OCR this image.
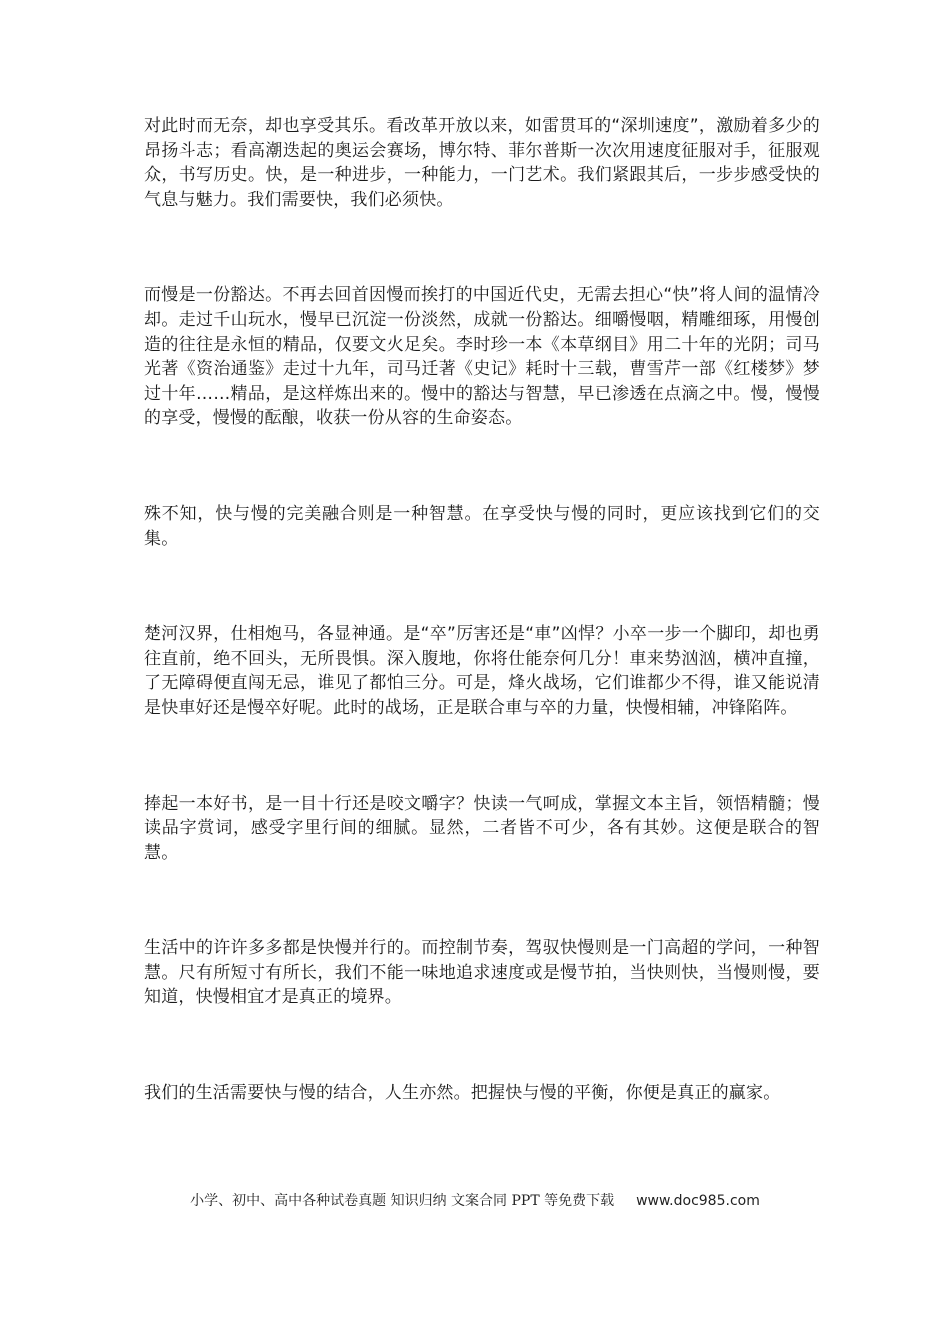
对此时而无奈，却也享受其乐。看改革开放以来，如雷贯耳的“深圳速度”，激励着多少的昂扬斗志；看高潮迭起的奥运会赛场，博尔特、菲尔普斯一次次用速度征服对手，征服观众，书写历史。快，是一种进步，一种能力，一门艺术。我们紧跟其后，一步步感受快的气息与魅力。我们需要快，我们必须快。

而慢是一份豁达。不再去回首因慢而挨打的中国近代史，无需去担心“快”将人间的温情冷却。走过千山玩水，慢早已沉淀一份淡然，成就一份豁达。细嚼慢咽，精雕细琢，用慢创造的往往是永恒的精品，仅要文火足矣。李时珍一本《本草纲目》用二十年的光阴；司马光著《资治通鉴》走过十九年，司马迁著《史记》耗时十三载，曹雪芹一部《红楼梦》梦过十年……精品，是这样炼出来的。慢中的豁达与智慧，早已渗透在点滴之中。慢，慢慢的享受，慢慢的酝酿，收获一份从容的生命姿态。

殊不知，快与慢的完美融合则是一种智慧。在享受快与慢的同时，更应该找到它们的交集。

楚河汉界，仕相炮马，各显神通。是“卒”厉害还是“車”凶悍？小卒一步一个脚印，却也勇往直前，绝不回头，无所畏惧。深入腹地，你将仕能奈何几分！車来势汹汹，横冲直撞，了无障碍便直闯无忌，谁见了都怕三分。可是，烽火战场，它们谁都少不得，谁又能说清是快車好还是慢卒好呢。此时的战场，正是联合車与卒的力量，快慢相辅，冲锋陷阵。

捧起一本好书，是一目十行还是咬文嚼字？快读一气呵成，掌握文本主旨，领悟精髓；慢读品字赏词，感受字里行间的细腻。显然，二者皆不可少，各有其妙。这便是联合的智慧。

生活中的许许多多都是快慢并行的。而控制节奏，驾驭快慢则是一门高超的学问，一种智慧。尺有所短寸有所长，我们不能一味地追求速度或是慢节拍，当快则快，当慢则慢，要知道，快慢相宜才是真正的境界。

我们的生活需要快与慢的结合，人生亦然。把握快与慢的平衡，你便是真正的赢家。

小学、初中、高中各种试卷真题 知识归纳 文案合同 PPT 等免费下载 www.doc985.com
